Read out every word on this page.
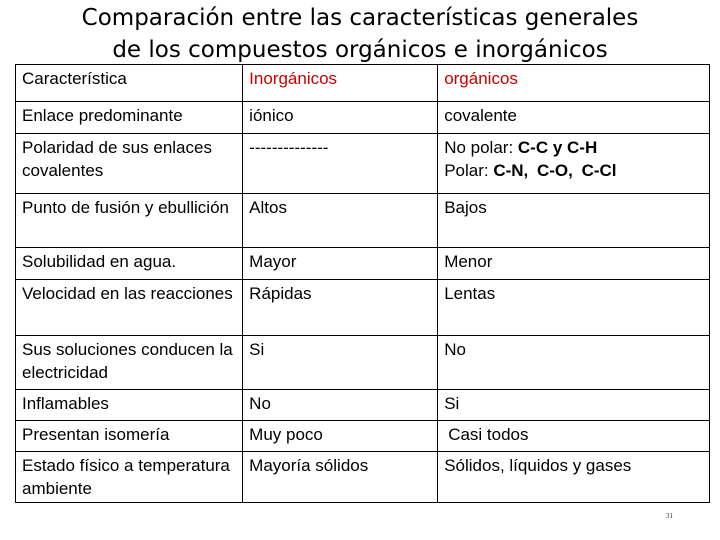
Comparación entre las características generales
de los compuestos orgánicos e inorgánicos
Característica	Inorgánicos	orgánicos
Enlace predominante	iónico	covalente
Polaridad de sus enlaces covalentes	--------------	No polar: C-C y C-H
Polar: C-N, C-O, C-Cl

Punto de fusión y ebullición	Altos	Bajos
Solubilidad en agua.	Mayor	Menor
Velocidad en las reacciones	Rápidas	Lentas
Sus soluciones conducen la electricidad	Si	No
Inflamables	No	Si
Presentan isomería	Muy poco	Casi todos
Estado físico a temperatura ambiente	Mayoría sólidos	Sólidos, líquidos y gases
31
